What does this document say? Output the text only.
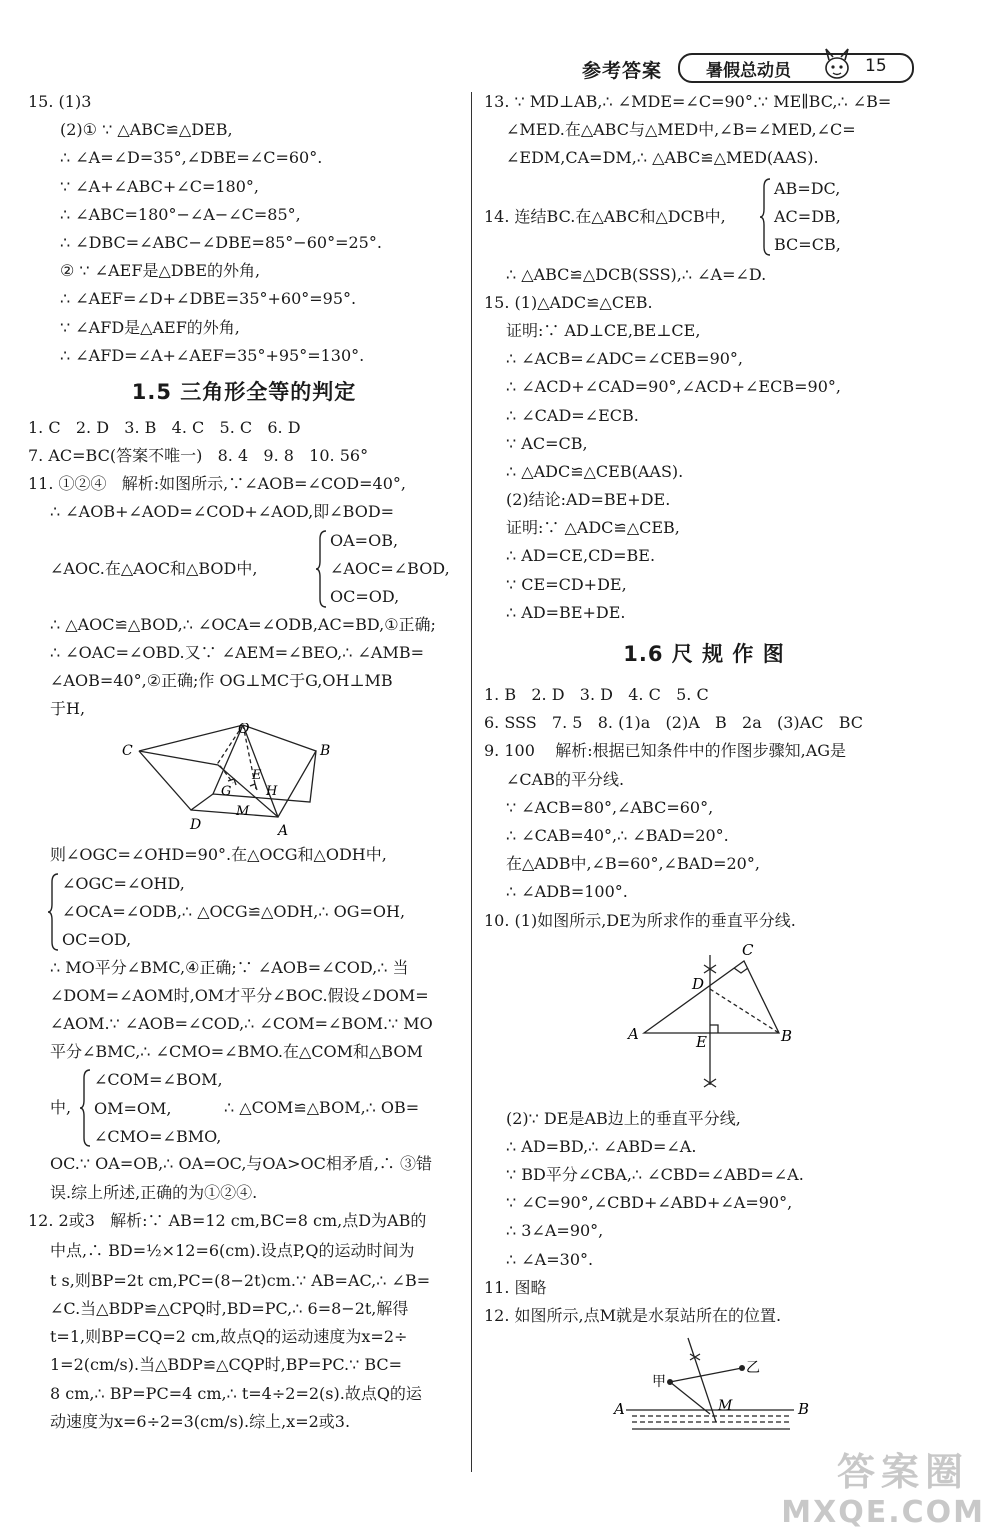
参考答案	暑假总动员	15
15. (1)3
(2)① ∵ △ABC≌△DEB,
∴ ∠A=∠D=35°,∠DBE=∠C=60°.
∵ ∠A+∠ABC+∠C=180°,
∴ ∠ABC=180°−∠A−∠C=85°,
∴ ∠DBC=∠ABC−∠DBE=85°−60°=25°.
② ∵ ∠AEF是△DBE的外角,
∴ ∠AEF=∠D+∠DBE=35°+60°=95°.
∵ ∠AFD是△AEF的外角,
∴ ∠AFD=∠A+∠AEF=35°+95°=130°.
1.5 三角形全等的判定
1. C   2. D   3. B   4. C   5. C   6. D
7. AC=BC(答案不唯一)   8. 4   9. 8   10. 56°
11. ①②④   解析:如图所示,∵∠AOB=∠COD=40°,
∴ ∠AOB+∠AOD=∠COD+∠AOD,即∠BOD=
∠AOC.在△AOC和△BOD中,
OA=OB,
∠AOC=∠BOD,
OC=OD,
∴ △AOC≌△BOD,∴ ∠OCA=∠ODB,AC=BD,①正确;
∴ ∠OAC=∠OBD.又∵ ∠AEM=∠BEO,∴ ∠AMB=
∠AOB=40°,②正确;作 OG⊥MC于G,OH⊥MB
于H,
O
C	B
E
G	H
D
M
A
则∠OGC=∠OHD=90°.在△OCG和△ODH中,
∠OGC=∠OHD,
∠OCA=∠ODB,∴ △OCG≌△ODH,∴ OG=OH,
OC=OD,
∴ MO平分∠BMC,④正确;∵ ∠AOB=∠COD,∴ 当
∠DOM=∠AOM时,OM才平分∠BOC.假设∠DOM=
∠AOM.∵ ∠AOB=∠COD,∴ ∠COM=∠BOM.∵ MO
平分∠BMC,∴ ∠CMO=∠BMO.在△COM和△BOM
中,
∠COM=∠BOM,
OM=OM,
∠CMO=∠BMO,
∴ △COM≌△BOM,∴ OB=
OC.∵ OA=OB,∴ OA=OC,与OA>OC相矛盾,∴ ③错
误.综上所述,正确的为①②④.
12. 2或3   解析:∵ AB=12 cm,BC=8 cm,点D为AB的
中点,∴ BD=½×12=6(cm).设点P,Q的运动时间为
t s,则BP=2t cm,PC=(8−2t)cm.∵ AB=AC,∴ ∠B=
∠C.当△BDP≌△CPQ时,BD=PC,∴ 6=8−2t,解得
t=1,则BP=CQ=2 cm,故点Q的运动速度为x=2÷
1=2(cm/s).当△BDP≌△CQP时,BP=PC.∵ BC=
8 cm,∴ BP=PC=4 cm,∴ t=4÷2=2(s).故点Q的运
动速度为x=6÷2=3(cm/s).综上,x=2或3.
13. ∵ MD⊥AB,∴ ∠MDE=∠C=90°.∵ ME∥BC,∴ ∠B=
∠MED.在△ABC与△MED中,∠B=∠MED,∠C=
∠EDM,CA=DM,∴ △ABC≌△MED(AAS).
14. 连结BC.在△ABC和△DCB中,
AB=DC,
AC=DB,
BC=CB,
∴ △ABC≌△DCB(SSS),∴ ∠A=∠D.
15. (1)△ADC≌△CEB.
证明:∵ AD⊥CE,BE⊥CE,
∴ ∠ACB=∠ADC=∠CEB=90°,
∴ ∠ACD+∠CAD=90°,∠ACD+∠ECB=90°,
∴ ∠CAD=∠ECB.
∵ AC=CB,
∴ △ADC≌△CEB(AAS).
(2)结论:AD=BE+DE.
证明:∵ △ADC≌△CEB,
∴ AD=CE,CD=BE.
∵ CE=CD+DE,
∴ AD=BE+DE.
1.6 尺 规 作 图
1. B   2. D   3. D   4. C   5. C
6. SSS   7. 5   8. (1)a   (2)A   B   2a   (3)AC   BC
9. 100    解析:根据已知条件中的作图步骤知,AG是
∠CAB的平分线.
∵ ∠ACB=80°,∠ABC=60°,
∴ ∠CAB=40°,∴ ∠BAD=20°.
在△ADB中,∠B=60°,∠BAD=20°,
∴ ∠ADB=100°.
10. (1)如图所示,DE为所求作的垂直平分线.
C
D
A	E	B
(2)∵ DE是AB边上的垂直平分线,
∴ AD=BD,∴ ∠ABD=∠A.
∵ BD平分∠CBA,∴ ∠CBD=∠ABD=∠A.
∵ ∠C=90°,∠CBD+∠ABD+∠A=90°,
∴ 3∠A=90°,
∴ ∠A=30°.
11. 图略
12. 如图所示,点M就是水泵站所在的位置.
甲
乙
A	M	B
答案圈
MXQE.COM
